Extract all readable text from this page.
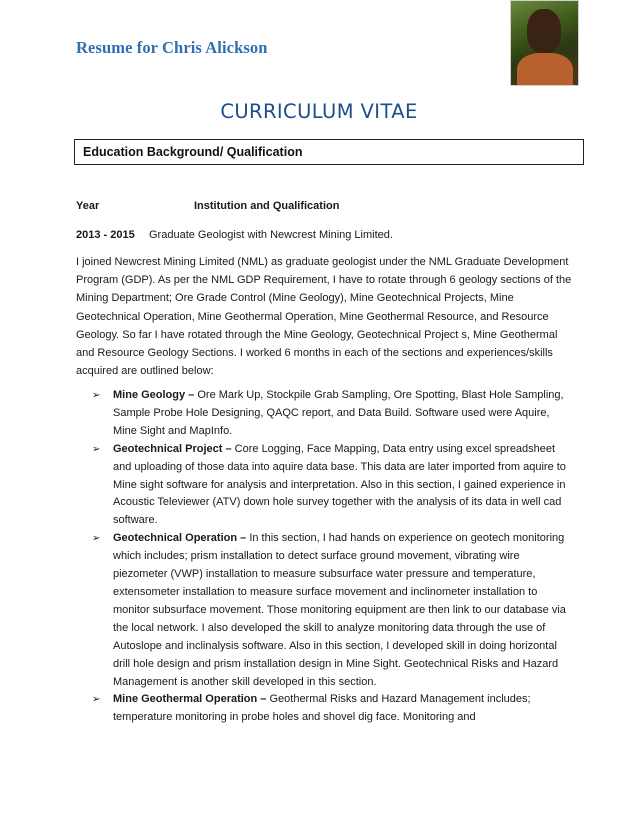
Resume for Chris Alickson
CURRICULUM VITAE
Education Background/ Qualification
Year	Institution and Qualification
2013 - 2015 Graduate Geologist with Newcrest Mining Limited.

I joined Newcrest Mining Limited (NML) as graduate geologist under the NML Graduate Development Program (GDP). As per the NML GDP Requirement, I have to rotate through 6 geology sections of the Mining Department; Ore Grade Control (Mine Geology), Mine Geotechnical Projects, Mine Geotechnical Operation, Mine Geothermal Operation, Mine Geothermal Resource, and Resource Geology. So far I have rotated through the Mine Geology, Geotechnical Project s, Mine Geothermal and Resource Geology Sections. I worked 6 months in each of the sections and experiences/skills acquired are outlined below:

➢ Mine Geology – Ore Mark Up, Stockpile Grab Sampling, Ore Spotting, Blast Hole Sampling, Sample Probe Hole Designing, QAQC report, and Data Build. Software used were Aquire, Mine Sight and MapInfo.
➢ Geotechnical Project – Core Logging, Face Mapping, Data entry using excel spreadsheet and uploading of those data into aquire data base. This data are later imported from aquire to Mine sight software for analysis and interpretation. Also in this section, I gained experience in Acoustic Televiewer (ATV) down hole survey together with the analysis of its data in well cad software.
➢ Geotechnical Operation – In this section, I had hands on experience on geotech monitoring which includes; prism installation to detect surface ground movement, vibrating wire piezometer (VWP) installation to measure subsurface water pressure and temperature, extensometer installation to measure surface movement and inclinometer installation to monitor subsurface movement. Those monitoring equipment are then link to our database via the local network. I also developed the skill to analyze monitoring data through the use of Autoslope and inclinalysis software. Also in this section, I developed skill in doing horizontal drill hole design and prism installation design in Mine Sight. Geotechnical Risks and Hazard Management is another skill developed in this section.
➢ Mine Geothermal Operation – Geothermal Risks and Hazard Management includes; temperature monitoring in probe holes and shovel dig face. Monitoring and
